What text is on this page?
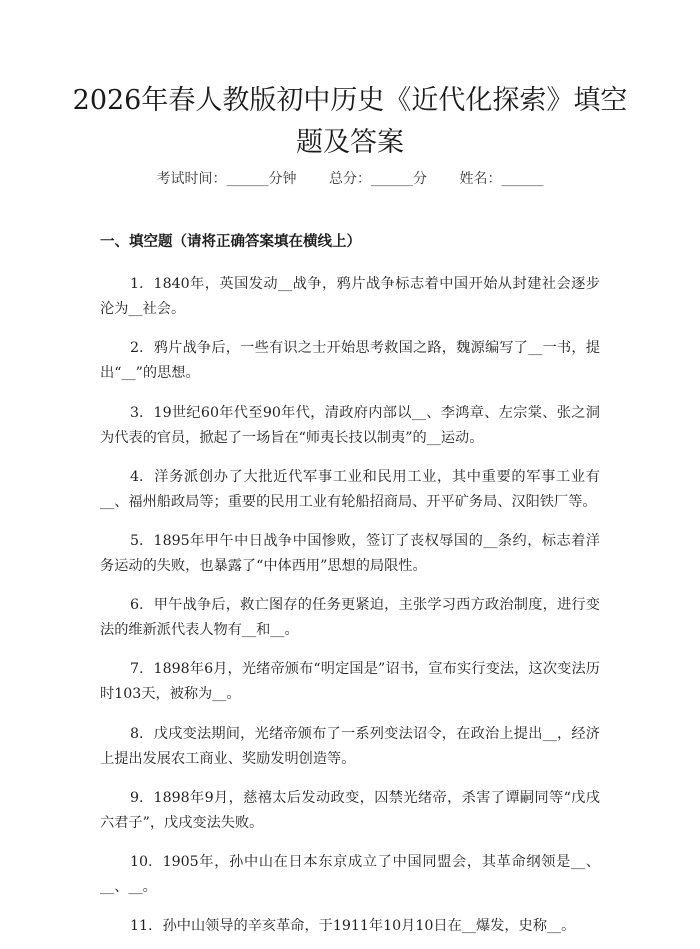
2026年春人教版初中历史《近代化探索》填空题及答案
考试时间：______分钟 总分：______分 姓名：______
一、填空题（请将正确答案填在横线上）

1. 1840年，英国发动__战争，鸦片战争标志着中国开始从封建社会逐步沦为__社会。

2. 鸦片战争后，一些有识之士开始思考救国之路，魏源编写了__一书，提出“__”的思想。

3. 19世纪60年代至90年代，清政府内部以__、李鸿章、左宗棠、张之洞为代表的官员，掀起了一场旨在“师夷长技以制夷”的__运动。

4. 洋务派创办了大批近代军事工业和民用工业，其中重要的军事工业有__、福州船政局等；重要的民用工业有轮船招商局、开平矿务局、汉阳铁厂等。

5. 1895年甲午中日战争中国惨败，签订了丧权辱国的__条约，标志着洋务运动的失败，也暴露了“中体西用”思想的局限性。

6. 甲午战争后，救亡图存的任务更紧迫，主张学习西方政治制度，进行变法的维新派代表人物有__和__。

7. 1898年6月，光绪帝颁布“明定国是”诏书，宣布实行变法，这次变法历时103天，被称为__。

8. 戊戌变法期间，光绪帝颁布了一系列变法诏令，在政治上提出__，经济上提出发展农工商业、奖励发明创造等。

9. 1898年9月，慈禧太后发动政变，囚禁光绪帝，杀害了谭嗣同等“戊戌六君子”，戊戌变法失败。

10. 1905年，孙中山在日本东京成立了中国同盟会，其革命纲领是__、__、__。

11. 孙中山领导的辛亥革命，于1911年10月10日在__爆发，史称__。
